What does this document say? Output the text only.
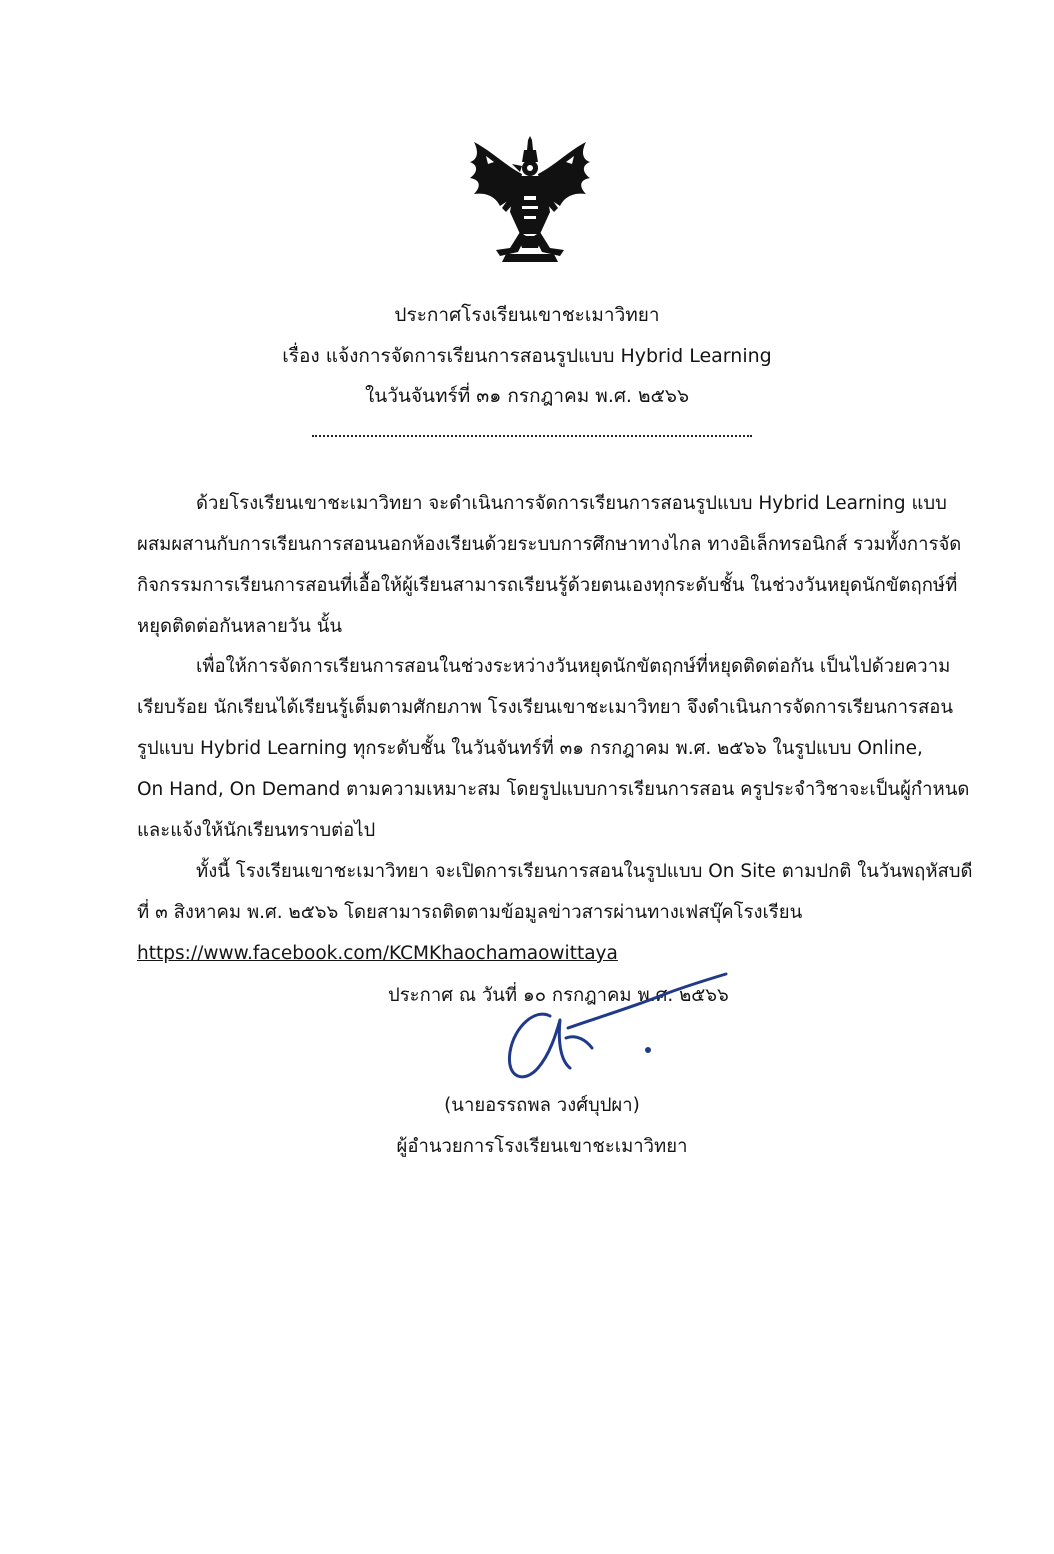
ประกาศโรงเรียนเขาชะเมาวิทยา
เรื่อง แจ้งการจัดการเรียนการสอนรูปแบบ Hybrid Learning
ในวันจันทร์ที่ ๓๑ กรกฎาคม พ.ศ. ๒๕๖๖
ด้วยโรงเรียนเขาชะเมาวิทยา จะดำเนินการจัดการเรียนการสอนรูปแบบ Hybrid Learning แบบ
ผสมผสานกับการเรียนการสอนนอกห้องเรียนด้วยระบบการศึกษาทางไกล ทางอิเล็กทรอนิกส์ รวมทั้งการจัด
กิจกรรมการเรียนการสอนที่เอื้อให้ผู้เรียนสามารถเรียนรู้ด้วยตนเองทุกระดับชั้น ในช่วงวันหยุดนักขัตฤกษ์ที่
หยุดติดต่อกันหลายวัน นั้น
เพื่อให้การจัดการเรียนการสอนในช่วงระหว่างวันหยุดนักขัตฤกษ์ที่หยุดติดต่อกัน เป็นไปด้วยความ
เรียบร้อย นักเรียนได้เรียนรู้เต็มตามศักยภาพ โรงเรียนเขาชะเมาวิทยา จึงดำเนินการจัดการเรียนการสอน
รูปแบบ Hybrid Learning ทุกระดับชั้น ในวันจันทร์ที่ ๓๑ กรกฎาคม พ.ศ. ๒๕๖๖ ในรูปแบบ Online,
On Hand, On Demand ตามความเหมาะสม โดยรูปแบบการเรียนการสอน ครูประจำวิชาจะเป็นผู้กำหนด
และแจ้งให้นักเรียนทราบต่อไป
ทั้งนี้ โรงเรียนเขาชะเมาวิทยา จะเปิดการเรียนการสอนในรูปแบบ On Site ตามปกติ ในวันพฤหัสบดี
ที่ ๓ สิงหาคม พ.ศ. ๒๕๖๖ โดยสามารถติดตามข้อมูลข่าวสารผ่านทางเฟสบุ๊คโรงเรียน
https://www.facebook.com/KCMKhaochamaowittaya
ประกาศ ณ วันที่ ๑๐ กรกฎาคม พ.ศ. ๒๕๖๖
(นายอรรถพล วงศ์บุปผา)
ผู้อำนวยการโรงเรียนเขาชะเมาวิทยา
